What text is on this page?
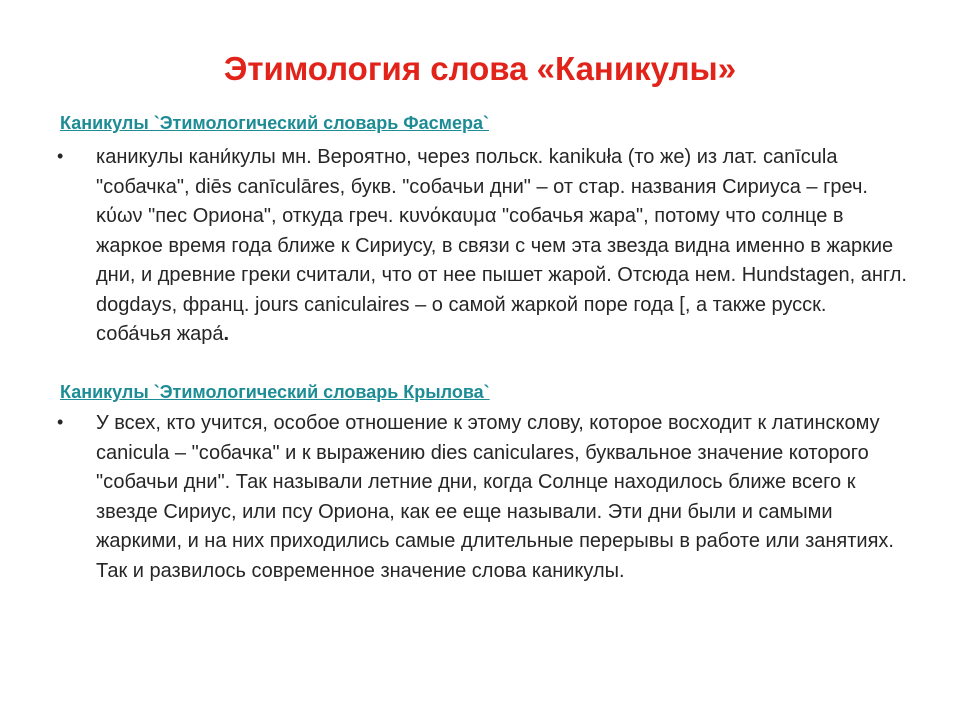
Этимология слова «Каникулы»
Каникулы `Этимологический словарь Фасмера`
• каникулы кани́кулы мн. Вероятно, через польск. kanikuła (то же) из лат. canīcula "собачка", diēs canīculāres, букв. "собачьи дни" – от стар. названия Сириуса – греч. κύων "пес Ориона", откуда греч. κυνόκαυμα "собачья жара", потому что солнце в жаркое время года ближе к Сириусу, в связи с чем эта звезда видна именно в жаркие дни, и древние греки считали, что от нее пышет жарой. Отсюда нем. Hundstagen, англ. dogdays, франц. jours caniculaires – о самой жаркой поре года [, а также русск. соба́чья жара́.

Каникулы `Этимологический словарь Крылова`
• У всех, кто учится, особое отношение к этому слову, которое восходит к латинскому canicula – "собачка" и к выражению dies caniculares, буквальное значение которого "собачьи дни". Так называли летние дни, когда Солнце находилось ближе всего к звезде Сириус, или псу Ориона, как ее еще называли. Эти дни были и самыми жаркими, и на них приходились самые длительные перерывы в работе или занятиях. Так и развилось современное значение слова каникулы.
